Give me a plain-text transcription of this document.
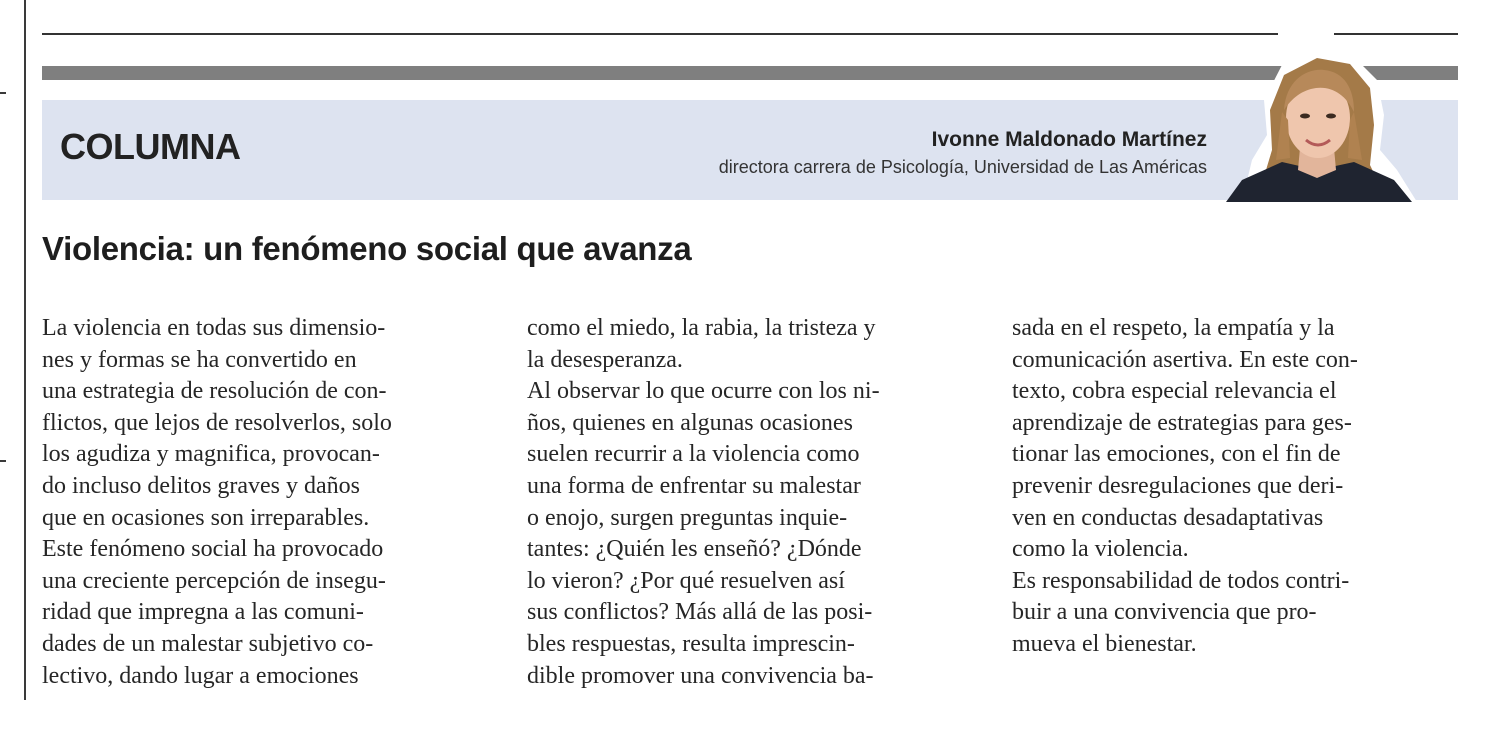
COLUMNA	Ivonne Maldonado Martínez
directora carrera de Psicología, Universidad de Las Américas
Violencia: un fenómeno social que avanza

La violencia en todas sus dimensio-
nes y formas se ha convertido en
una estrategia de resolución de con-
flictos, que lejos de resolverlos, solo
los agudiza y magnifica, provocan-
do incluso delitos graves y daños
que en ocasiones son irreparables.

Este fenómeno social ha provocado
una creciente percepción de insegu-
ridad que impregna a las comuni-
dades de un malestar subjetivo co-
lectivo, dando lugar a emociones

como el miedo, la rabia, la tristeza y
la desesperanza.

Al observar lo que ocurre con los ni-
ños, quienes en algunas ocasiones
suelen recurrir a la violencia como
una forma de enfrentar su malestar
o enojo, surgen preguntas inquie-
tantes: ¿Quién les enseñó? ¿Dónde
lo vieron? ¿Por qué resuelven así
sus conflictos? Más allá de las posi-
bles respuestas, resulta imprescin-
dible promover una convivencia ba-

sada en el respeto, la empatía y la
comunicación asertiva. En este con-
texto, cobra especial relevancia el
aprendizaje de estrategias para ges-
tionar las emociones, con el fin de
prevenir desregulaciones que deri-
ven en conductas desadaptativas
como la violencia.

Es responsabilidad de todos contri-
buir a una convivencia que pro-
mueva el bienestar.
